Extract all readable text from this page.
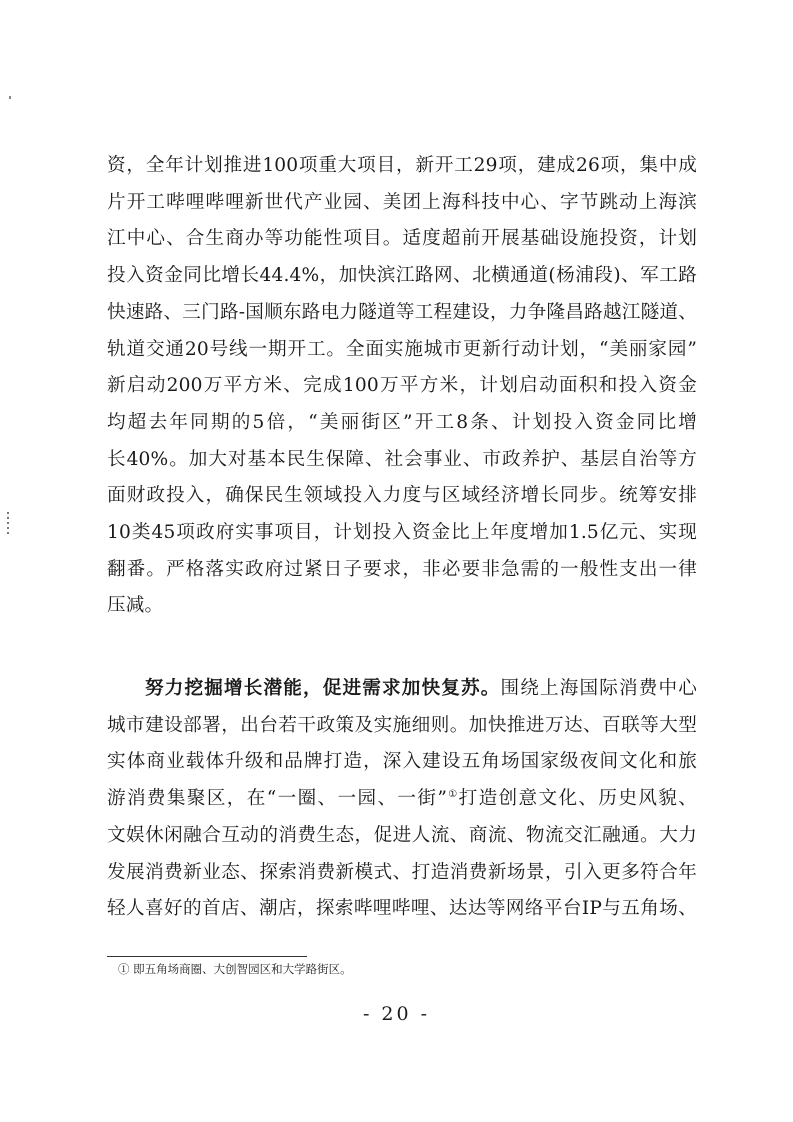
资，全年计划推进100项重大项目，新开工29项，建成26项，集中成
片开工哔哩哔哩新世代产业园、美团上海科技中心、字节跳动上海滨
江中心、合生商办等功能性项目。适度超前开展基础设施投资，计划
投入资金同比增长44.4%，加快滨江路网、北横通道(杨浦段)、军工路
快速路、三门路-国顺东路电力隧道等工程建设，力争隆昌路越江隧道、
轨道交通20号线一期开工。全面实施城市更新行动计划，“美丽家园”
新启动200万平方米、完成100万平方米，计划启动面积和投入资金
均超去年同期的5倍，“美丽街区”开工8条、计划投入资金同比增
长40%。加大对基本民生保障、社会事业、市政养护、基层自治等方
面财政投入，确保民生领域投入力度与区域经济增长同步。统筹安排
10类45项政府实事项目，计划投入资金比上年度增加1.5亿元、实现
翻番。严格落实政府过紧日子要求，非必要非急需的一般性支出一律
压减。

努力挖掘增长潜能，促进需求加快复苏。围绕上海国际消费中心
城市建设部署，出台若干政策及实施细则。加快推进万达、百联等大型
实体商业载体升级和品牌打造，深入建设五角场国家级夜间文化和旅
游消费集聚区，在“一圈、一园、一街”①打造创意文化、历史风貌、
文娱休闲融合互动的消费生态，促进人流、商流、物流交汇融通。大力
发展消费新业态、探索消费新模式、打造消费新场景，引入更多符合年
轻人喜好的首店、潮店，探索哔哩哔哩、达达等网络平台IP与五角场、

① 即五角场商圈、大创智园区和大学路街区。
- 20 -
